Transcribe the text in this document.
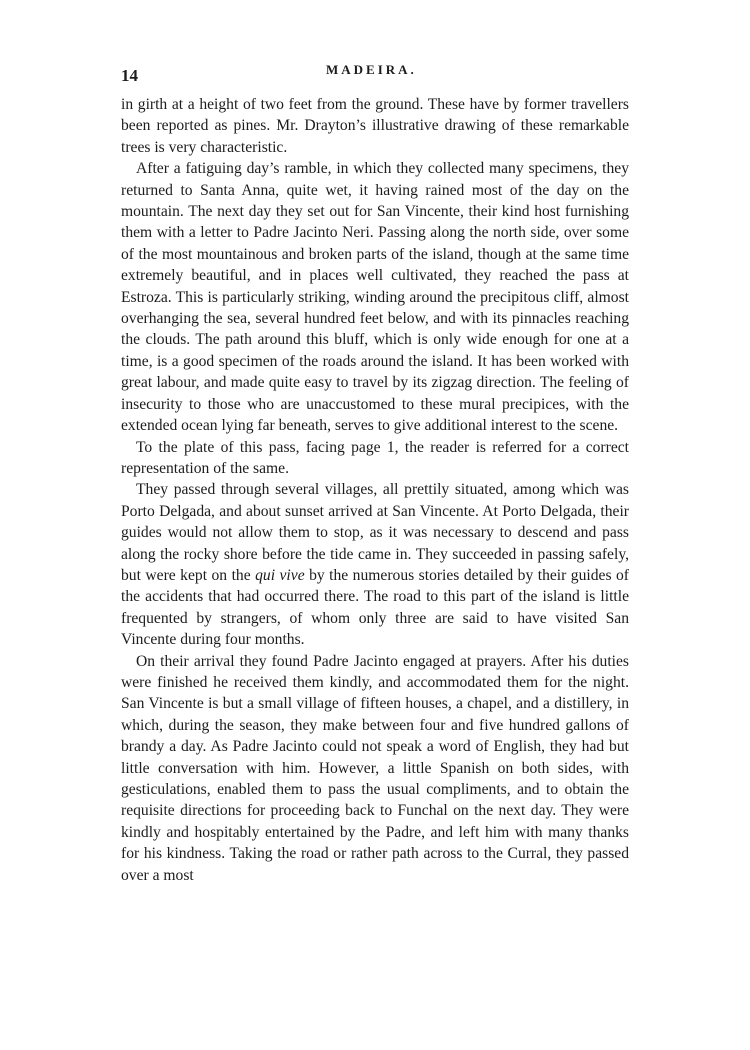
14	MADEIRA.

in girth at a height of two feet from the ground. These have by former travellers been reported as pines. Mr. Drayton’s illustrative drawing of these remarkable trees is very characteristic.

After a fatiguing day’s ramble, in which they collected many specimens, they returned to Santa Anna, quite wet, it having rained most of the day on the mountain. The next day they set out for San Vincente, their kind host furnishing them with a letter to Padre Jacinto Neri. Passing along the north side, over some of the most mountainous and broken parts of the island, though at the same time extremely beautiful, and in places well cultivated, they reached the pass at Estroza. This is particularly striking, winding around the precipitous cliff, almost overhanging the sea, several hundred feet below, and with its pinnacles reaching the clouds. The path around this bluff, which is only wide enough for one at a time, is a good specimen of the roads around the island. It has been worked with great labour, and made quite easy to travel by its zigzag direction. The feeling of insecurity to those who are unaccustomed to these mural precipices, with the extended ocean lying far beneath, serves to give additional interest to the scene.

To the plate of this pass, facing page 1, the reader is referred for a correct representation of the same.

They passed through several villages, all prettily situated, among which was Porto Delgada, and about sunset arrived at San Vincente. At Porto Delgada, their guides would not allow them to stop, as it was necessary to descend and pass along the rocky shore before the tide came in. They succeeded in passing safely, but were kept on the qui vive by the numerous stories detailed by their guides of the accidents that had occurred there. The road to this part of the island is little frequented by strangers, of whom only three are said to have visited San Vincente during four months.

On their arrival they found Padre Jacinto engaged at prayers. After his duties were finished he received them kindly, and accommodated them for the night. San Vincente is but a small village of fifteen houses, a chapel, and a distillery, in which, during the season, they make between four and five hundred gallons of brandy a day. As Padre Jacinto could not speak a word of English, they had but little conversation with him. However, a little Spanish on both sides, with gesticulations, enabled them to pass the usual compliments, and to obtain the requisite directions for proceeding back to Funchal on the next day. They were kindly and hospitably entertained by the Padre, and left him with many thanks for his kindness. Taking the road or rather path across to the Curral, they passed over a most
